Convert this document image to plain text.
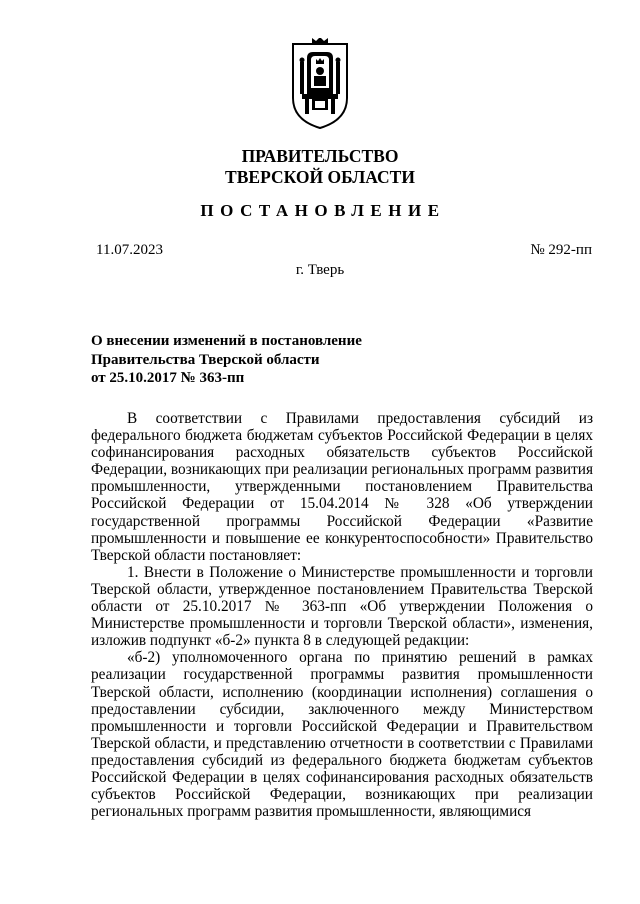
ПРАВИТЕЛЬСТВО
ТВЕРСКОЙ ОБЛАСТИ
ПОСТАНОВЛЕНИЕ
11.07.2023	№ 292-пп
г. Тверь
О внесении изменений в постановление
Правительства Тверской области
от 25.10.2017 № 363-пп

В соответствии с Правилами предоставления субсидий из федерального бюджета бюджетам субъектов Российской Федерации в целях софинансирования расходных обязательств субъектов Российской Федерации, возникающих при реализации региональных программ развития промышленности, утвержденными постановлением Правительства Российской Федерации от 15.04.2014 № 328 «Об утверждении государственной программы Российской Федерации «Развитие промышленности и повышение ее конкурентоспособности» Правительство Тверской области постановляет:

1. Внести в Положение о Министерстве промышленности и торговли Тверской области, утвержденное постановлением Правительства Тверской области от 25.10.2017 № 363-пп «Об утверждении Положения о Министерстве промышленности и торговли Тверской области», изменения, изложив подпункт «б-2» пункта 8 в следующей редакции:

«б-2) уполномоченного органа по принятию решений в рамках реализации государственной программы развития промышленности Тверской области, исполнению (координации исполнения) соглашения о предоставлении субсидии, заключенного между Министерством промышленности и торговли Российской Федерации и Правительством Тверской области, и представлению отчетности в соответствии с Правилами предоставления субсидий из федерального бюджета бюджетам субъектов Российской Федерации в целях софинансирования расходных обязательств субъектов Российской Федерации, возникающих при реализации региональных программ развития промышленности, являющимися
